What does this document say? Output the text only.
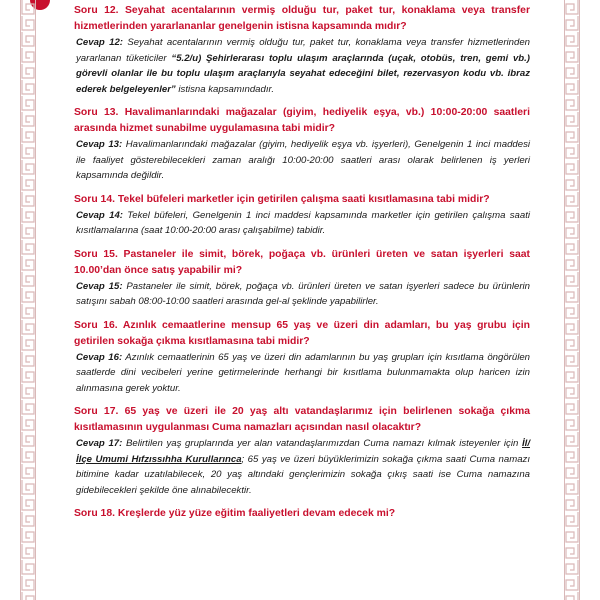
Soru 12. Seyahat acentalarının vermiş olduğu tur, paket tur, konaklama veya transfer hizmetlerinden yararlananlar genelgenin istisna kapsamında mıdır?

Cevap 12: Seyahat acentalarının vermiş olduğu tur, paket tur, konaklama veya transfer hizmetlerinden yararlanan tüketiciler “5.2/u) Şehirlerarası toplu ulaşım araçlarında (uçak, otobüs, tren, gemi vb.) görevli olanlar ile bu toplu ulaşım araçlarıyla seyahat edeceğini bilet, rezervasyon kodu vb. ibraz ederek belgeleyenler” istisna kapsamındadır.

Soru 13. Havalimanlarındaki mağazalar (giyim, hediyelik eşya, vb.) 10:00-20:00 saatleri arasında hizmet sunabilme uygulamasına tabi midir?

Cevap 13: Havalimanlarındaki mağazalar (giyim, hediyelik eşya vb. işyerleri), Genelgenin 1 inci maddesi ile faaliyet gösterebilecekleri zaman aralığı 10:00-20:00 saatleri arası olarak belirlenen iş yerleri kapsamında değildir.

Soru 14. Tekel büfeleri marketler için getirilen çalışma saati kısıtlamasına tabi midir?

Cevap 14: Tekel büfeleri, Genelgenin 1 inci maddesi kapsamında marketler için getirilen çalışma saati kısıtlamalarına (saat 10:00-20:00 arası çalışabilme) tabidir.

Soru 15. Pastaneler ile simit, börek, poğaça vb. ürünleri üreten ve satan işyerleri saat 10.00’dan önce satış yapabilir mi?

Cevap 15: Pastaneler ile simit, börek, poğaça vb. ürünleri üreten ve satan işyerleri sadece bu ürünlerin satışını sabah 08:00-10:00 saatleri arasında gel-al şeklinde yapabilirler.

Soru 16. Azınlık cemaatlerine mensup 65 yaş ve üzeri din adamları, bu yaş grubu için getirilen sokağa çıkma kısıtlamasına tabi midir?

Cevap 16: Azınlık cemaatlerinin 65 yaş ve üzeri din adamlarının bu yaş grupları için kısıtlama öngörülen saatlerde dini vecibeleri yerine getirmelerinde herhangi bir kısıtlama bulunmamakta olup haricen izin alınmasına gerek yoktur.

Soru 17. 65 yaş ve üzeri ile 20 yaş altı vatandaşlarımız için belirlenen sokağa çıkma kısıtlamasının uygulanması Cuma namazları açısından nasıl olacaktır?

Cevap 17: Belirtilen yaş gruplarında yer alan vatandaşlarımızdan Cuma namazı kılmak isteyenler için İl/İlçe Umumi Hıfzıssıhha Kurullarınca; 65 yaş ve üzeri büyüklerimizin sokağa çıkma saati Cuma namazı bitimine kadar uzatılabilecek, 20 yaş altındaki gençlerimizin sokağa çıkış saati ise Cuma namazına gidebilecekleri şekilde öne alınabilecektir.

Soru 18. Kreşlerde yüz yüze eğitim faaliyetleri devam edecek mi?
